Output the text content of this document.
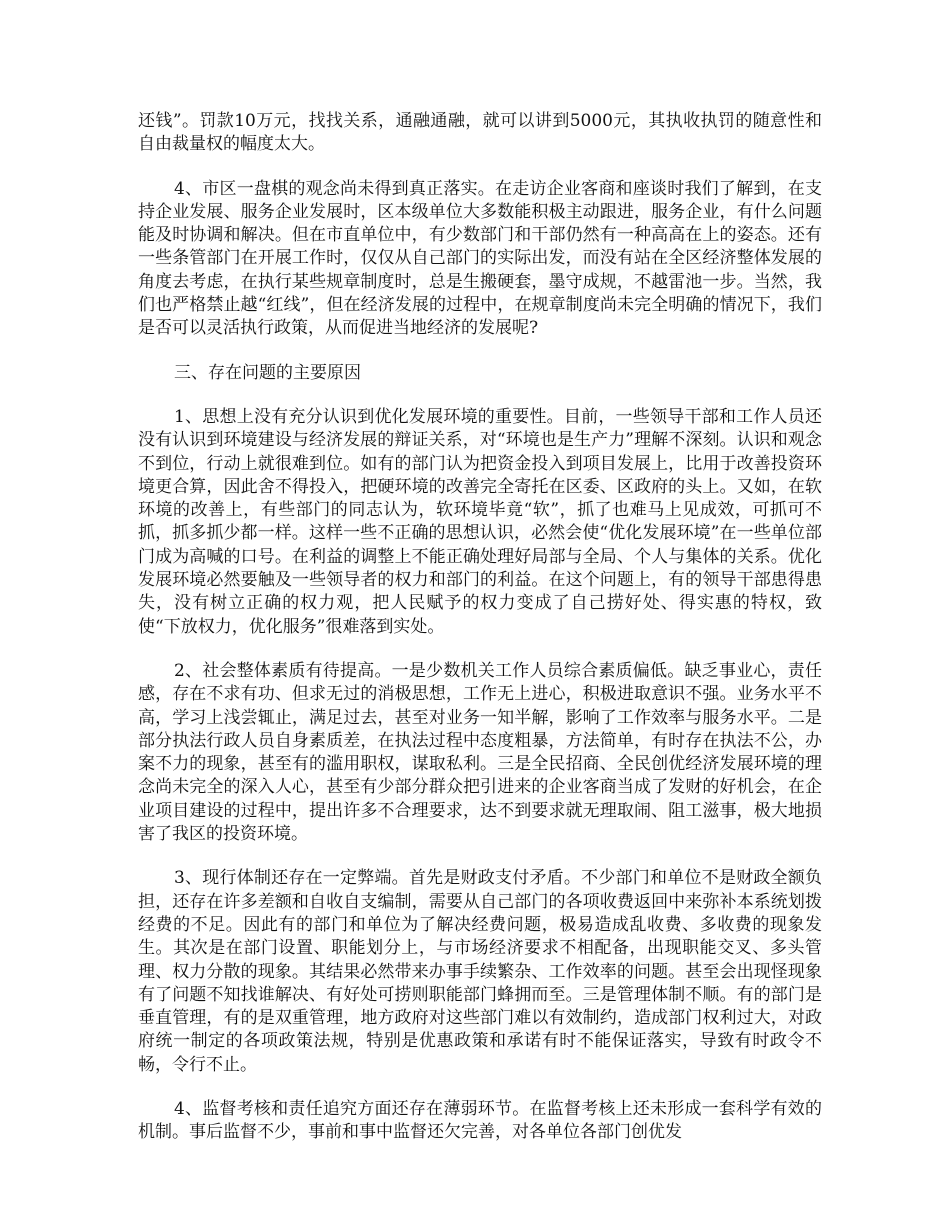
还钱”。罚款10万元，找找关系，通融通融，就可以讲到5000元，其执收执罚的随意性和自由裁量权的幅度太大。

4、市区一盘棋的观念尚未得到真正落实。在走访企业客商和座谈时我们了解到，在支持企业发展、服务企业发展时，区本级单位大多数能积极主动跟进，服务企业，有什么问题能及时协调和解决。但在市直单位中，有少数部门和干部仍然有一种高高在上的姿态。还有一些条管部门在开展工作时，仅仅从自己部门的实际出发，而没有站在全区经济整体发展的角度去考虑，在执行某些规章制度时，总是生搬硬套，墨守成规，不越雷池一步。当然，我们也严格禁止越“红线”，但在经济发展的过程中，在规章制度尚未完全明确的情况下，我们是否可以灵活执行政策，从而促进当地经济的发展呢?

三、存在问题的主要原因

1、思想上没有充分认识到优化发展环境的重要性。目前，一些领导干部和工作人员还没有认识到环境建设与经济发展的辩证关系，对“环境也是生产力”理解不深刻。认识和观念不到位，行动上就很难到位。如有的部门认为把资金投入到项目发展上，比用于改善投资环境更合算，因此舍不得投入，把硬环境的改善完全寄托在区委、区政府的头上。又如，在软环境的改善上，有些部门的同志认为，软环境毕竟“软”，抓了也难马上见成效，可抓可不抓，抓多抓少都一样。这样一些不正确的思想认识，必然会使“优化发展环境”在一些单位部门成为高喊的口号。在利益的调整上不能正确处理好局部与全局、个人与集体的关系。优化发展环境必然要触及一些领导者的权力和部门的利益。在这个问题上，有的领导干部患得患失，没有树立正确的权力观，把人民赋予的权力变成了自己捞好处、得实惠的特权，致使“下放权力，优化服务”很难落到实处。

2、社会整体素质有待提高。一是少数机关工作人员综合素质偏低。缺乏事业心，责任感，存在不求有功、但求无过的消极思想，工作无上进心，积极进取意识不强。业务水平不高，学习上浅尝辄止，满足过去，甚至对业务一知半解，影响了工作效率与服务水平。二是部分执法行政人员自身素质差，在执法过程中态度粗暴，方法简单，有时存在执法不公，办案不力的现象，甚至有的滥用职权，谋取私利。三是全民招商、全民创优经济发展环境的理念尚未完全的深入人心，甚至有少部分群众把引进来的企业客商当成了发财的好机会，在企业项目建设的过程中，提出许多不合理要求，达不到要求就无理取闹、阻工滋事，极大地损害了我区的投资环境。

3、现行体制还存在一定弊端。首先是财政支付矛盾。不少部门和单位不是财政全额负担，还存在许多差额和自收自支编制，需要从自己部门的各项收费返回中来弥补本系统划拨经费的不足。因此有的部门和单位为了解决经费问题，极易造成乱收费、多收费的现象发生。其次是在部门设置、职能划分上，与市场经济要求不相配备，出现职能交叉、多头管理、权力分散的现象。其结果必然带来办事手续繁杂、工作效率的问题。甚至会出现怪现象有了问题不知找谁解决、有好处可捞则职能部门蜂拥而至。三是管理体制不顺。有的部门是垂直管理，有的是双重管理，地方政府对这些部门难以有效制约，造成部门权利过大，对政府统一制定的各项政策法规，特别是优惠政策和承诺有时不能保证落实，导致有时政令不畅，令行不止。

4、监督考核和责任追究方面还存在薄弱环节。在监督考核上还未形成一套科学有效的机制。事后监督不少，事前和事中监督还欠完善，对各单位各部门创优发
